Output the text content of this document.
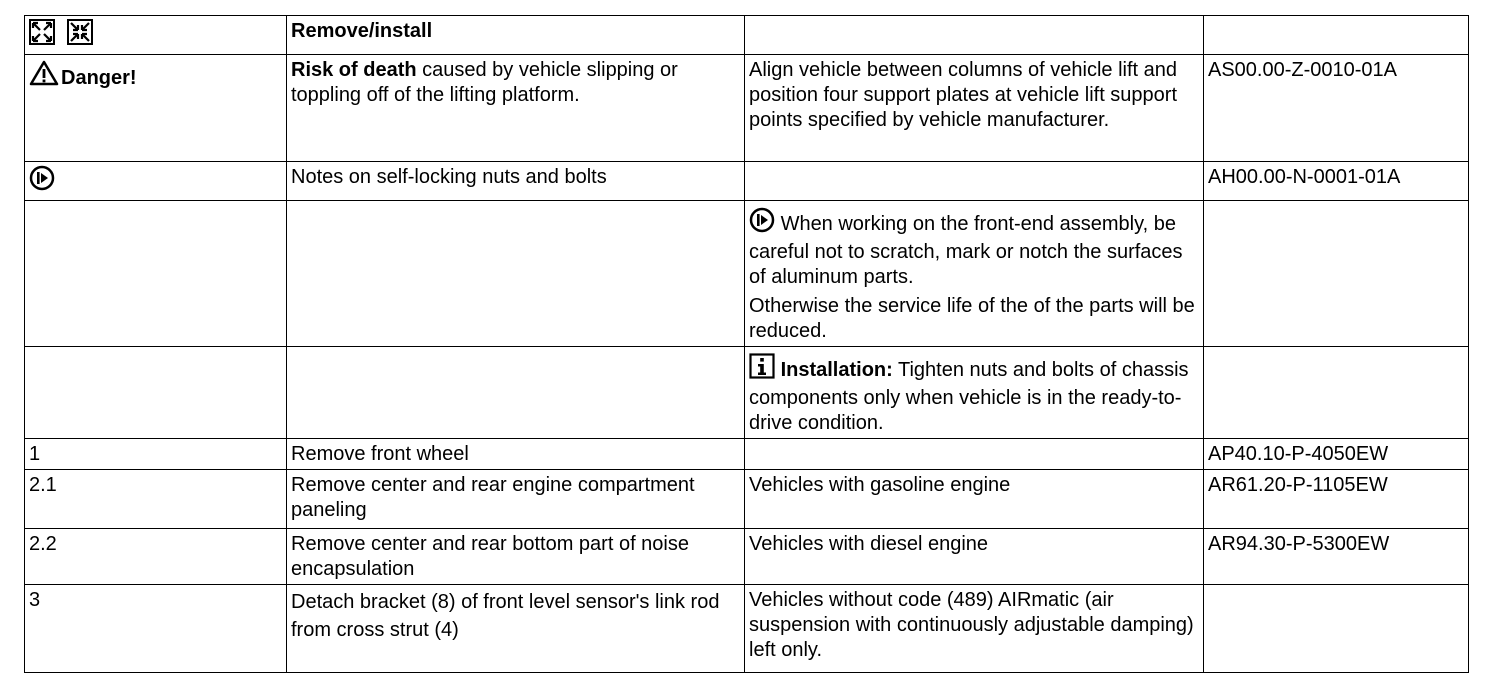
	Remove/install		
Danger!	Risk of death caused by vehicle slipping or toppling off of the lifting platform.	Align vehicle between columns of vehicle lift and position four support plates at vehicle lift support points specified by vehicle manufacturer.	AS00.00-Z-0010-01A
	Notes on self-locking nuts and bolts		AH00.00-N-0001-01A

		When working on the front-end assembly, be careful not to scratch, mark or notch the surfaces of aluminum parts.
Otherwise the service life of the of the parts will be reduced.	

		Installation: Tighten nuts and bolts of chassis components only when vehicle is in the ready-to-drive condition.	
1	Remove front wheel		AP40.10-P-4050EW
2.1	Remove center and rear engine compartment paneling	Vehicles with gasoline engine	AR61.20-P-1105EW
2.2	Remove center and rear bottom part of noise encapsulation	Vehicles with diesel engine	AR94.30-P-5300EW
3	Detach bracket (8) of front level sensor's link rod from cross strut (4)	Vehicles without code (489) AIRmatic (air suspension with continuously adjustable damping) left only.	
